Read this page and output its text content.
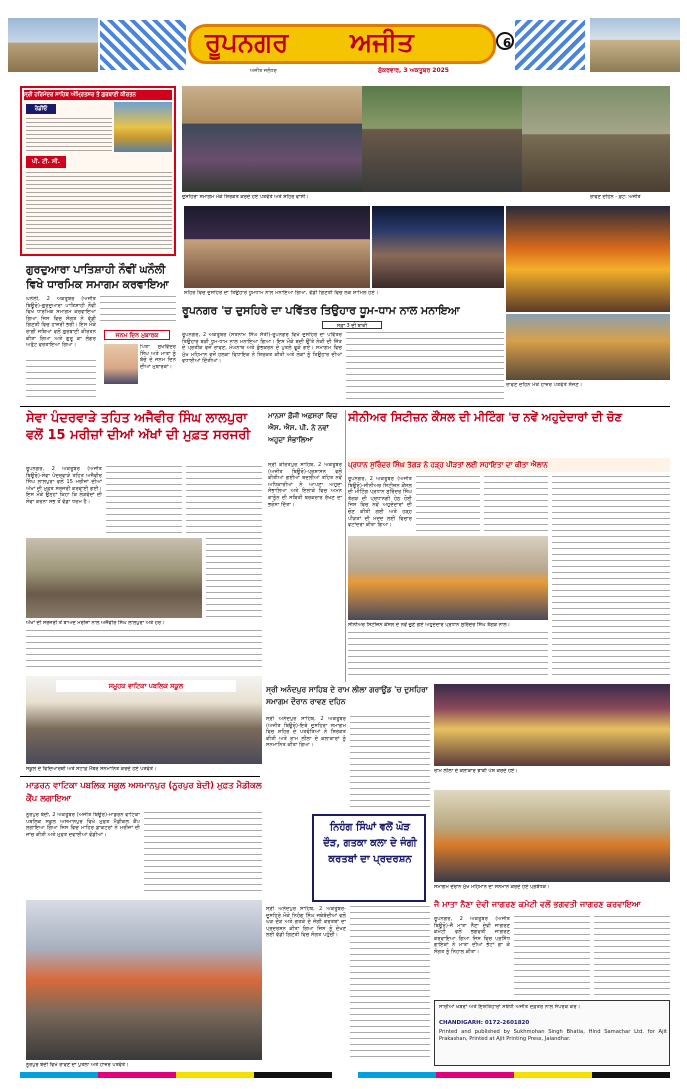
ਰੂਪਨਗਰ	ਅਜੀਤ	6
ਅਜੀਤ ਜਲੰਧਰ	ਸ਼ੁੱਕਰਵਾਰ, 3 ਅਕਤੂਬਰ 2025
ਸ੍ਰੀ ਹਰਿਮੰਦਰ ਸਾਹਿਬ ਅੰਮ੍ਰਿਤਸਰ ਤੋਂ ਗੁਰਬਾਣੀ ਕੀਰਤਨ
ਰੇਡੀਓ
ਪੀ. ਟੀ. ਸੀ.
ਦੁਸਹਿਰਾ ਸਮਾਗਮ ਮੌਕੇ ਸ਼ਿਰਕਤ ਕਰਦੇ ਹੋਏ ਪਤਵੰਤੇ ਅਤੇ ਸ਼ਹਿਰ ਵਾਸੀ।	ਰਾਵਣ ਦਹਿਨ - ਫ਼ੋਟੋ: ਅਜੀਤ
ਸ਼ਹਿਰ ਵਿਚ ਦੁਸਹਿਰੇ ਦਾ ਤਿਉਹਾਰ ਧੂਮਧਾਮ ਨਾਲ ਮਨਾਇਆ ਗਿਆ, ਵੱਡੀ ਗਿਣਤੀ ਵਿਚ ਲੋਕ ਸ਼ਾਮਿਲ ਹੋਏ।
ਗੁਰਦੁਆਰਾ ਪਾਤਿਸ਼ਾਹੀ ਨੌਵੀਂ ਘਨੌਲੀ ਵਿਖੇ ਧਾਰਮਿਕ ਸਮਾਗਮ ਕਰਵਾਇਆ
ਘਨੌਲੀ, 2 ਅਕਤੂਬਰ (ਅਜੀਤ ਬਿਊਰੋ)-ਗੁਰਦੁਆਰਾ ਪਾਤਿਸ਼ਾਹੀ ਨੌਵੀਂ ਵਿਖੇ ਧਾਰਮਿਕ ਸਮਾਗਮ ਕਰਵਾਇਆ ਗਿਆ ਜਿਸ ਵਿਚ ਸੰਗਤ ਨੇ ਵੱਡੀ ਗਿਣਤੀ ਵਿਚ ਹਾਜ਼ਰੀ ਭਰੀ। ਇਸ ਮੌਕੇ ਰਾਗੀ ਜਥਿਆਂ ਵਲੋਂ ਗੁਰਬਾਣੀ ਕੀਰਤਨ ਕੀਤਾ ਗਿਆ ਅਤੇ ਗੁਰੂ ਕਾ ਲੰਗਰ ਅਤੁੱਟ ਵਰਤਾਇਆ ਗਿਆ।
ਜਨਮ ਦਿਨ ਮੁਬਾਰਕ
ਪਿਤਾ ਸੁਖਵਿੰਦਰ ਸਿੰਘ ਅਤੇ ਮਾਤਾ ਨੂੰ ਬੱਚੇ ਦੇ ਜਨਮ ਦਿਨ ਦੀਆਂ ਮੁਬਾਰਕਾਂ।
ਰੂਪਨਗਰ 'ਚ ਦੁਸਹਿਰੇ ਦਾ ਪਵਿੱਤਰ ਤਿਉਹਾਰ ਧੂਮ-ਧਾਮ ਨਾਲ ਮਨਾਇਆ
ਸਫ਼ਾ 3 ਦੀ ਬਾਕੀ
ਰੂਪਨਗਰ, 2 ਅਕਤੂਬਰ (ਸਤਨਾਮ ਸਿੰਘ ਸੱਤੀ)-ਰੂਪਨਗਰ ਵਿਖੇ ਦੁਸਹਿਰੇ ਦਾ ਪਵਿੱਤਰ ਤਿਉਹਾਰ ਬੜੀ ਧੂਮ-ਧਾਮ ਨਾਲ ਮਨਾਇਆ ਗਿਆ। ਇਸ ਮੌਕੇ ਬਦੀ ਉੱਤੇ ਨੇਕੀ ਦੀ ਜਿੱਤ ਦੇ ਪ੍ਰਤੀਕ ਵਜੋਂ ਰਾਵਣ, ਮੇਘਨਾਥ ਅਤੇ ਕੁੰਭਕਰਨ ਦੇ ਪੁਤਲੇ ਫੂਕੇ ਗਏ। ਸਮਾਗਮ ਵਿਚ ਮੁੱਖ ਮਹਿਮਾਨ ਵਜੋਂ ਹਲਕਾ ਵਿਧਾਇਕ ਨੇ ਸ਼ਿਰਕਤ ਕੀਤੀ ਅਤੇ ਲੋਕਾਂ ਨੂੰ ਤਿਉਹਾਰ ਦੀਆਂ ਵਧਾਈਆਂ ਦਿੱਤੀਆਂ।
ਰਾਵਣ ਦਹਿਨ ਮੌਕੇ ਹਾਜ਼ਰ ਪਤਵੰਤੇ ਸੱਜਣ।
ਸੇਵਾ ਪੰਦਰਵਾੜੇ ਤਹਿਤ ਅਜੈਵੀਰ ਸਿੰਘ ਲਾਲਪੁਰਾ ਵਲੋਂ 15 ਮਰੀਜ਼ਾਂ ਦੀਆਂ ਅੱਖਾਂ ਦੀ ਮੁਫ਼ਤ ਸਰਜਰੀ
ਰੂਪਨਗਰ, 2 ਅਕਤੂਬਰ (ਅਜੀਤ ਬਿਊਰੋ)-ਸੇਵਾ ਪੰਦਰਵਾੜੇ ਤਹਿਤ ਅਜੈਵੀਰ ਸਿੰਘ ਲਾਲਪੁਰਾ ਵਲੋਂ 15 ਮਰੀਜ਼ਾਂ ਦੀਆਂ ਅੱਖਾਂ ਦੀ ਮੁਫ਼ਤ ਸਰਜਰੀ ਕਰਵਾਈ ਗਈ। ਇਸ ਮੌਕੇ ਉਨ੍ਹਾਂ ਕਿਹਾ ਕਿ ਲੋੜਵੰਦਾਂ ਦੀ ਸੇਵਾ ਕਰਨਾ ਸਭ ਤੋਂ ਵੱਡਾ ਧਰਮ ਹੈ।
ਅੱਖਾਂ ਦੀ ਸਰਜਰੀ ਤੋਂ ਬਾਅਦ ਮਰੀਜ਼ਾਂ ਨਾਲ ਅਜੈਵੀਰ ਸਿੰਘ ਲਾਲਪੁਰਾ ਅਤੇ ਹੋਰ।
ਸਮੂਹਕ ਵਾਟਿਕਾ ਪਬਲਿਕ ਸਕੂਲ
ਸਕੂਲ ਦੇ ਵਿਦਿਆਰਥੀ ਅਤੇ ਸਟਾਫ਼ ਮੈਂਬਰ ਸਨਮਾਨਿਤ ਕਰਦੇ ਹੋਏ ਪਤਵੰਤੇ।
ਮਾਨਸਾ ਫ਼ੌਜੀ ਅਫ਼ਸਰਾਂ ਵਿਚ ਐਸ. ਐਸ. ਪੀ. ਨੇ ਨਵਾਂ ਅਹੁਦਾ ਸੰਭਾਲਿਆ
ਸ੍ਰੀ ਕੀਰਤਪੁਰ ਸਾਹਿਬ, 2 ਅਕਤੂਬਰ (ਅਜੀਤ ਬਿਊਰੋ)-ਪ੍ਰਸ਼ਾਸਨ ਵਲੋਂ ਕੀਤੀਆਂ ਗਈਆਂ ਬਦਲੀਆਂ ਤਹਿਤ ਨਵੇਂ ਅਧਿਕਾਰੀਆਂ ਨੇ ਆਪਣਾ ਅਹੁਦਾ ਸੰਭਾਲਿਆ ਅਤੇ ਇਲਾਕੇ ਵਿਚ ਅਮਨ ਕਾਨੂੰਨ ਦੀ ਸਥਿਤੀ ਬਰਕਰਾਰ ਰੱਖਣ ਦਾ ਭਰੋਸਾ ਦਿੱਤਾ।
ਸੀਨੀਅਰ ਸਿਟੀਜ਼ਨ ਕੌਂਸਲ ਦੀ ਮੀਟਿੰਗ 'ਚ ਨਵੇਂ ਅਹੁਦੇਦਾਰਾਂ ਦੀ ਚੋਣ
ਪ੍ਰਧਾਨ ਸੁਰਿੰਦਰ ਸਿੰਘ ਤੱਗੜ ਨੇ ਹੜ੍ਹ ਪੀੜਤਾਂ ਲਈ ਸਹਾਇਤਾ ਦਾ ਕੀਤਾ ਐਲਾਨ
ਰੂਪਨਗਰ, 2 ਅਕਤੂਬਰ (ਅਜੀਤ ਬਿਊਰੋ)-ਸੀਨੀਅਰ ਸਿਟੀਜ਼ਨ ਕੌਂਸਲ ਦੀ ਮੀਟਿੰਗ ਪ੍ਰਧਾਨ ਸੁਰਿੰਦਰ ਸਿੰਘ ਤੱਗੜ ਦੀ ਪ੍ਰਧਾਨਗੀ ਹੇਠ ਹੋਈ ਜਿਸ ਵਿਚ ਨਵੇਂ ਅਹੁਦੇਦਾਰਾਂ ਦੀ ਚੋਣ ਕੀਤੀ ਗਈ ਅਤੇ ਹੜ੍ਹ ਪੀੜਤਾਂ ਦੀ ਮਦਦ ਲਈ ਵਿਚਾਰ ਵਟਾਂਦਰਾ ਕੀਤਾ ਗਿਆ।
ਸੀਨੀਅਰ ਸਿਟੀਜ਼ਨ ਕੌਂਸਲ ਦੇ ਨਵੇਂ ਚੁਣੇ ਗਏ ਅਹੁਦੇਦਾਰ ਪ੍ਰਧਾਨ ਸੁਰਿੰਦਰ ਸਿੰਘ ਤੱਗੜ ਨਾਲ।
ਸ੍ਰੀ ਅਨੰਦਪੁਰ ਸਾਹਿਬ ਦੇ ਰਾਮ ਲੀਲਾ ਗਰਾਊਂਡ 'ਚ ਦੁਸਹਿਰਾ ਸਮਾਗਮ ਦੌਰਾਨ ਰਾਵਣ ਦਹਿਨ
ਸ੍ਰੀ ਅਨੰਦਪੁਰ ਸਾਹਿਬ, 2 ਅਕਤੂਬਰ (ਅਜੀਤ ਬਿਊਰੋ)-ਇਥੇ ਦੁਸਹਿਰਾ ਸਮਾਗਮ ਵਿਚ ਸ਼ਹਿਰ ਦੇ ਪਤਵੰਤਿਆਂ ਨੇ ਸ਼ਿਰਕਤ ਕੀਤੀ ਅਤੇ ਰਾਮ ਲੀਲਾ ਦੇ ਕਲਾਕਾਰਾਂ ਨੂੰ ਸਨਮਾਨਿਤ ਕੀਤਾ ਗਿਆ।
ਰਾਮ ਲੀਲਾ ਦੇ ਕਲਾਕਾਰ ਝਾਕੀ ਪੇਸ਼ ਕਰਦੇ ਹੋਏ।
ਸਮਾਗਮ ਦੌਰਾਨ ਮੁੱਖ ਮਹਿਮਾਨ ਦਾ ਸਨਮਾਨ ਕਰਦੇ ਹੋਏ ਪ੍ਰਬੰਧਕ।
ਮਾਡਰਨ ਵਾਟਿਕਾ ਪਬਲਿਕ ਸਕੂਲ ਅਸਮਾਨਪੁਰ (ਨੂਰਪੁਰ ਬੇਦੀ) ਮੁਫ਼ਤ ਮੈਡੀਕਲ ਕੈਂਪ ਲਗਾਇਆ
ਨੂਰਪੁਰ ਬੇਦੀ, 2 ਅਕਤੂਬਰ (ਅਜੀਤ ਬਿਊਰੋ)-ਮਾਡਰਨ ਵਾਟਿਕਾ ਪਬਲਿਕ ਸਕੂਲ ਅਸਮਾਨਪੁਰ ਵਿਖੇ ਮੁਫ਼ਤ ਮੈਡੀਕਲ ਕੈਂਪ ਲਗਾਇਆ ਗਿਆ ਜਿਸ ਵਿਚ ਮਾਹਿਰ ਡਾਕਟਰਾਂ ਨੇ ਮਰੀਜ਼ਾਂ ਦੀ ਜਾਂਚ ਕੀਤੀ ਅਤੇ ਮੁਫ਼ਤ ਦਵਾਈਆਂ ਵੰਡੀਆਂ।
ਨੂਰਪੁਰ ਬੇਦੀ ਵਿਖੇ ਰਾਵਣ ਦਾ ਪੁਤਲਾ ਅਤੇ ਹਾਜ਼ਰ ਪਤਵੰਤੇ।
ਨਿਹੰਗ ਸਿੰਘਾਂ ਵਲੋਂ ਘੋੜ ਦੌੜ, ਗਤਕਾ ਕਲਾ ਦੇ ਜੰਗੀ ਕਰਤਬਾਂ ਦਾ ਪ੍ਰਦਰਸ਼ਨ
ਸ੍ਰੀ ਅਨੰਦਪੁਰ ਸਾਹਿਬ, 2 ਅਕਤੂਬਰ-ਦੁਸਹਿਰੇ ਮੌਕੇ ਨਿਹੰਗ ਸਿੰਘ ਜਥੇਬੰਦੀਆਂ ਵਲੋਂ ਘੋੜ ਦੌੜ ਅਤੇ ਗਤਕੇ ਦੇ ਜੰਗੀ ਕਰਤਬਾਂ ਦਾ ਪ੍ਰਦਰਸ਼ਨ ਕੀਤਾ ਗਿਆ ਜਿਸ ਨੂੰ ਦੇਖਣ ਲਈ ਵੱਡੀ ਗਿਣਤੀ ਵਿਚ ਸੰਗਤ ਪਹੁੰਚੀ।
ਜੈ ਮਾਤਾ ਨੈਣਾ ਦੇਵੀ ਜਾਗਰਣ ਕਮੇਟੀ ਵਲੋਂ ਭਗਵਤੀ ਜਾਗਰਣ ਕਰਵਾਇਆ
ਰੂਪਨਗਰ, 2 ਅਕਤੂਬਰ (ਅਜੀਤ ਬਿਊਰੋ)-ਜੈ ਮਾਤਾ ਨੈਣਾ ਦੇਵੀ ਜਾਗਰਣ ਕਮੇਟੀ ਵਲੋਂ ਭਗਵਤੀ ਜਾਗਰਣ ਕਰਵਾਇਆ ਗਿਆ ਜਿਸ ਵਿਚ ਪ੍ਰਸਿੱਧ ਗਾਇਕਾਂ ਨੇ ਮਾਤਾ ਦੀਆਂ ਭੇਟਾਂ ਗਾ ਕੇ ਸੰਗਤ ਨੂੰ ਨਿਹਾਲ ਕੀਤਾ।
ਸਾਰੀਆਂ ਖ਼ਬਰਾਂ ਅਤੇ ਇਸ਼ਤਿਹਾਰਾਂ ਸਬੰਧੀ ਅਜੀਤ ਦਫ਼ਤਰ ਨਾਲ ਸੰਪਰਕ ਕਰੋ।
CHANDIGARH: 0172-2601820
Printed and published by Sukhmohan Singh Bhatia, Hind Samachar Ltd. for Ajit Prakashan, Printed at Ajit Printing Press, Jalandhar.
